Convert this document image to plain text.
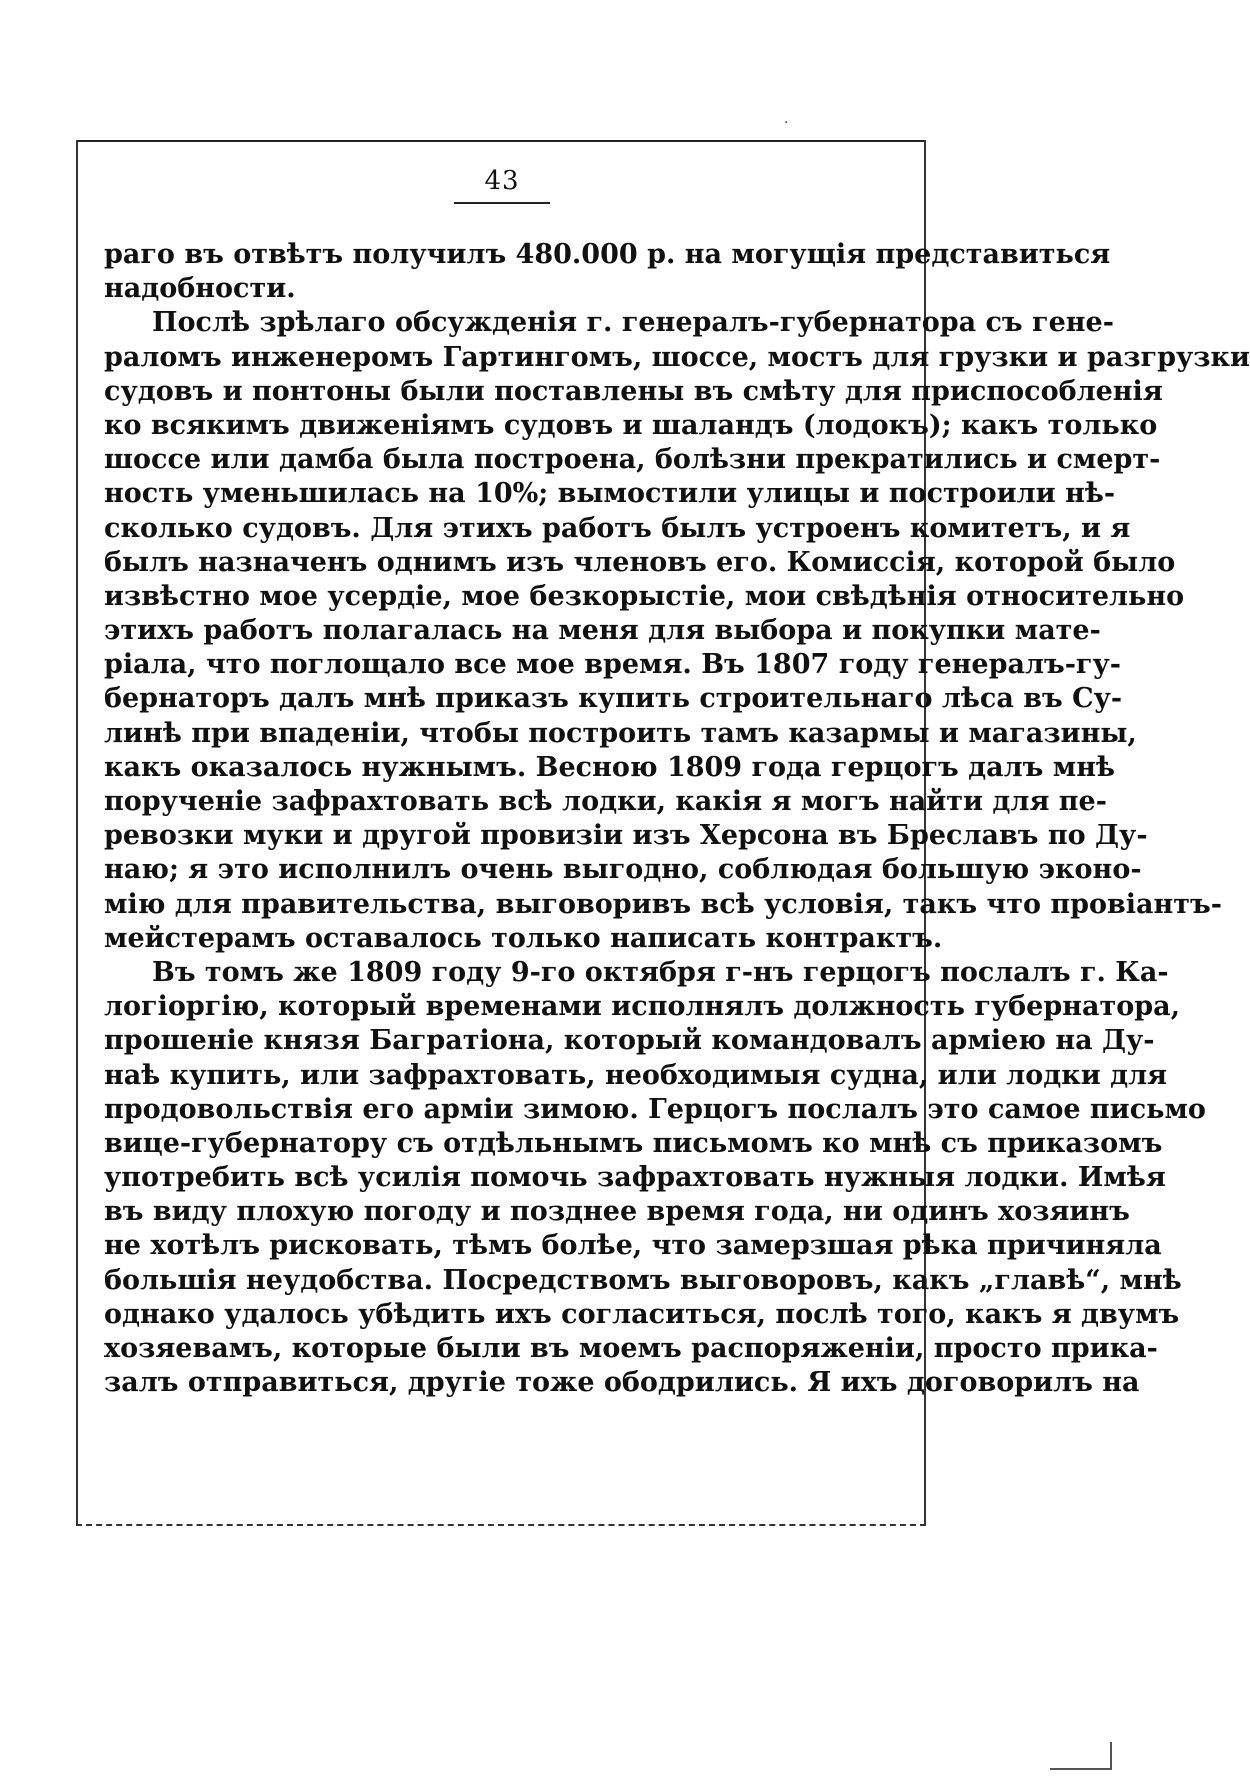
43
раго въ отвѣтъ получилъ 480.000 р. на могущія представиться
надобности.
Послѣ зрѣлаго обсужденія г. генералъ-губернатора съ гене-
раломъ инженеромъ Гартингомъ, шоссе, мостъ для грузки и разгрузки
судовъ и понтоны были поставлены въ смѣту для приспособленія
ко всякимъ движеніямъ судовъ и шаландъ (лодокъ); какъ только
шоссе или дамба была построена, болѣзни прекратились и смерт-
ность уменьшилась на 10%; вымостили улицы и построили нѣ-
сколько судовъ. Для этихъ работъ былъ устроенъ комитетъ, и я
былъ назначенъ однимъ изъ членовъ его. Комиссія, которой было
извѣстно мое усердіе, мое безкорыстіе, мои свѣдѣнія относительно
этихъ работъ полагалась на меня для выбора и покупки мате-
ріала, что поглощало все мое время. Въ 1807 году генералъ-гу-
бернаторъ далъ мнѣ приказъ купить строительнаго лѣса въ Су-
линѣ при впаденіи, чтобы построить тамъ казармы и магазины,
какъ оказалось нужнымъ. Весною 1809 года герцогъ далъ мнѣ
порученіе зафрахтовать всѣ лодки, какія я могъ найти для пе-
ревозки муки и другой провизіи изъ Херсона въ Бреславъ по Ду-
наю; я это исполнилъ очень выгодно, соблюдая большую эконо-
мію для правительства, выговоривъ всѣ условія, такъ что провіантъ-
мейстерамъ оставалось только написать контрактъ.
Въ томъ же 1809 году 9-го октября г-нъ герцогъ послалъ г. Ка-
логіоргію, который временами исполнялъ должность губернатора,
прошеніе князя Багратіона, который командовалъ арміею на Ду-
наѣ купить, или зафрахтовать, необходимыя судна, или лодки для
продовольствія его арміи зимою. Герцогъ послалъ это самое письмо
вице-губернатору съ отдѣльнымъ письмомъ ко мнѣ съ приказомъ
употребить всѣ усилія помочь зафрахтовать нужныя лодки. Имѣя
въ виду плохую погоду и позднее время года, ни одинъ хозяинъ
не хотѣлъ рисковать, тѣмъ болѣе, что замерзшая рѣка причиняла
большія неудобства. Посредствомъ выговоровъ, какъ „главѣ“, мнѣ
однако удалось убѣдить ихъ согласиться, послѣ того, какъ я двумъ
хозяевамъ, которые были въ моемъ распоряженіи, просто прика-
залъ отправиться, другіе тоже ободрились. Я ихъ договорилъ на
·
